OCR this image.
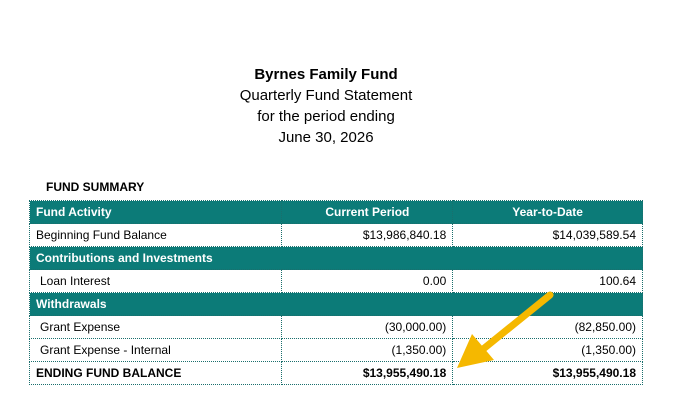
Byrnes Family Fund
Quarterly Fund Statement
for the period ending
June 30, 2026
FUND SUMMARY
Fund Activity	Current Period	Year-to-Date
Beginning Fund Balance	$13,986,840.18	$14,039,589.54
Contributions and Investments		
Loan Interest	0.00	100.64
Withdrawals		
Grant Expense	(30,000.00)	(82,850.00)
Grant Expense - Internal	(1,350.00)	(1,350.00)
ENDING FUND BALANCE	$13,955,490.18	$13,955,490.18
